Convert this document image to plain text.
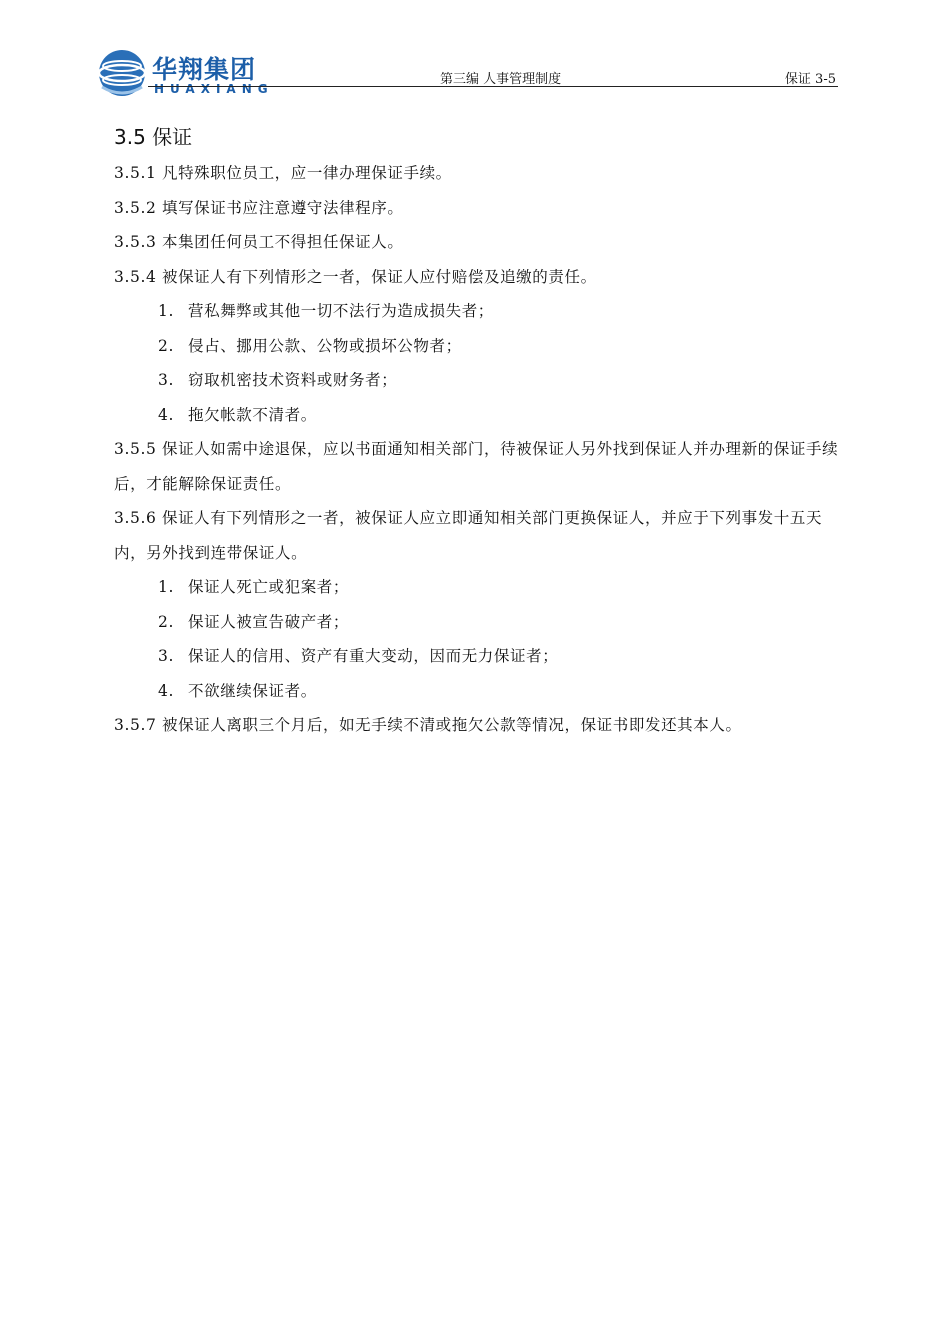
华翔集团
HUAXIANG
第三编 人事管理制度	保证 3-5
3.5 保证

3.5.1 凡特殊职位员工，应一律办理保证手续。

3.5.2 填写保证书应注意遵守法律程序。

3.5.3 本集团任何员工不得担任保证人。

3.5.4 被保证人有下列情形之一者，保证人应付赔偿及追缴的责任。

1. 营私舞弊或其他一切不法行为造成损失者；

2. 侵占、挪用公款、公物或损坏公物者；

3. 窃取机密技术资料或财务者；

4. 拖欠帐款不清者。

3.5.5 保证人如需中途退保，应以书面通知相关部门，待被保证人另外找到保证人并办理新的保证手续后，才能解除保证责任。

3.5.6 保证人有下列情形之一者，被保证人应立即通知相关部门更换保证人，并应于下列事发十五天内，另外找到连带保证人。

1. 保证人死亡或犯案者；

2. 保证人被宣告破产者；

3. 保证人的信用、资产有重大变动，因而无力保证者；

4. 不欲继续保证者。

3.5.7 被保证人离职三个月后，如无手续不清或拖欠公款等情况，保证书即发还其本人。
